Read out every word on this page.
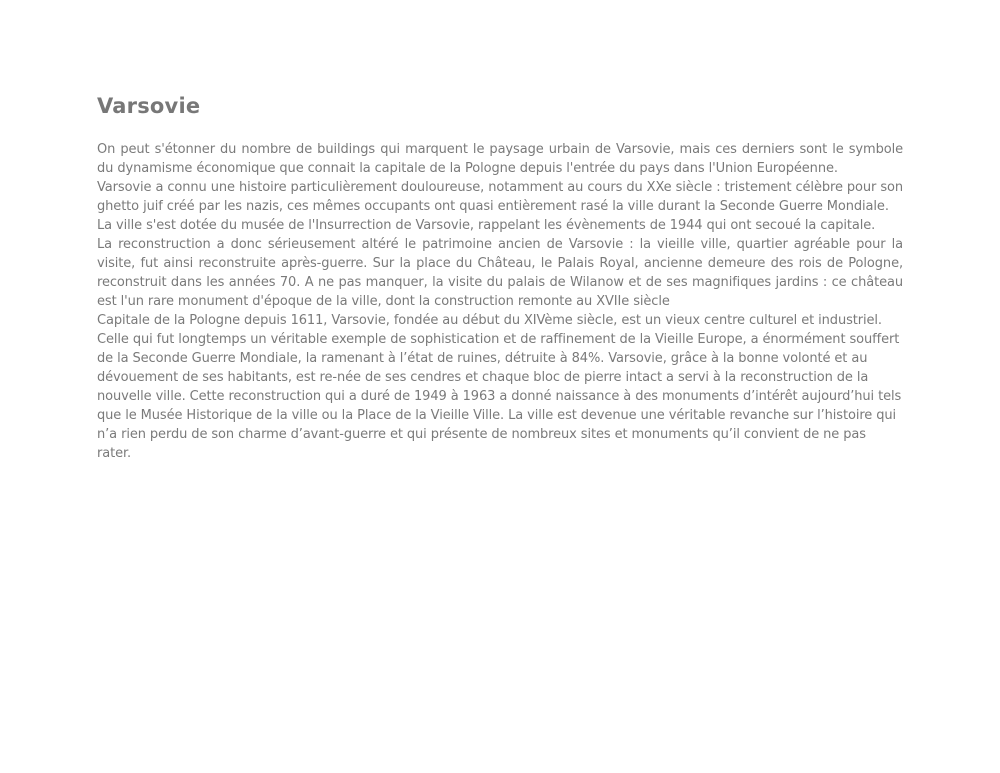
Varsovie

On peut s'étonner du nombre de buildings qui marquent le paysage urbain de Varsovie, mais ces derniers sont le symbole du dynamisme économique que connait la capitale de la Pologne depuis l'entrée du pays dans l'Union Européenne.

Varsovie a connu une histoire particulièrement douloureuse, notamment au cours du XXe siècle : tristement célèbre pour son ghetto juif créé par les nazis, ces mêmes occupants ont quasi entièrement rasé la ville durant la Seconde Guerre Mondiale.

La ville s'est dotée du musée de l'Insurrection de Varsovie, rappelant les évènements de 1944 qui ont secoué la capitale.

La reconstruction a donc sérieusement altéré le patrimoine ancien de Varsovie : la vieille ville, quartier agréable pour la visite, fut ainsi reconstruite après-guerre. Sur la place du Château, le Palais Royal, ancienne demeure des rois de Pologne, reconstruit dans les années 70. A ne pas manquer, la visite du palais de Wilanow et de ses magnifiques jardins : ce château est l'un rare monument d'époque de la ville, dont la construction remonte au XVIIe siècle

Capitale de la Pologne depuis 1611, Varsovie, fondée au début du XIVème siècle, est un vieux centre culturel et industriel. Celle qui fut longtemps un véritable exemple de sophistication et de raffinement de la Vieille Europe, a énormément souffert de la Seconde Guerre Mondiale, la ramenant à l’état de ruines, détruite à 84%. Varsovie, grâce à la bonne volonté et au dévouement de ses habitants, est re-née de ses cendres et chaque bloc de pierre intact a servi à la reconstruction de la nouvelle ville. Cette reconstruction qui a duré de 1949 à 1963 a donné naissance à des monuments d’intérêt aujourd’hui tels que le Musée Historique de la ville ou la Place de la Vieille Ville. La ville est devenue une véritable revanche sur l’histoire qui n’a rien perdu de son charme d’avant-guerre et qui présente de nombreux sites et monuments qu’il convient de ne pas rater.
